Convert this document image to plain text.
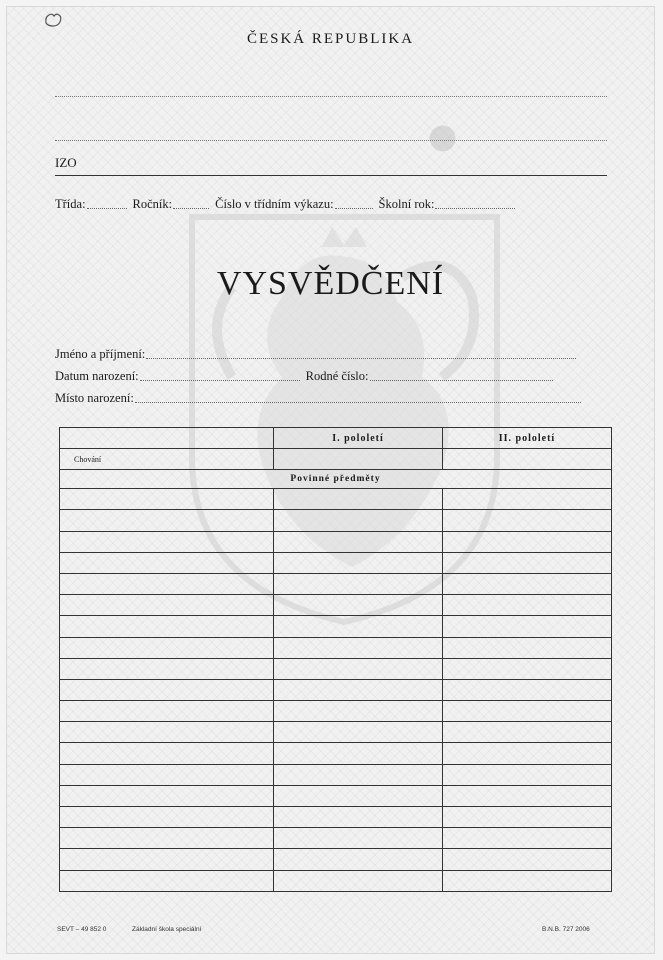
•
ČESKÁ REPUBLIKA
IZO
Třída:	Ročník:	Číslo v třídním výkazu:	Školní rok:
VYSVĚDČENÍ
Jméno a příjmení:
Datum narození:	Rodné číslo:
Místo narození:
	I. pololetí	II. pololetí
Chování		
Povinné předměty		

SEVT – 49 852 0	Základní škola speciální	B.N.B. 727 2006
